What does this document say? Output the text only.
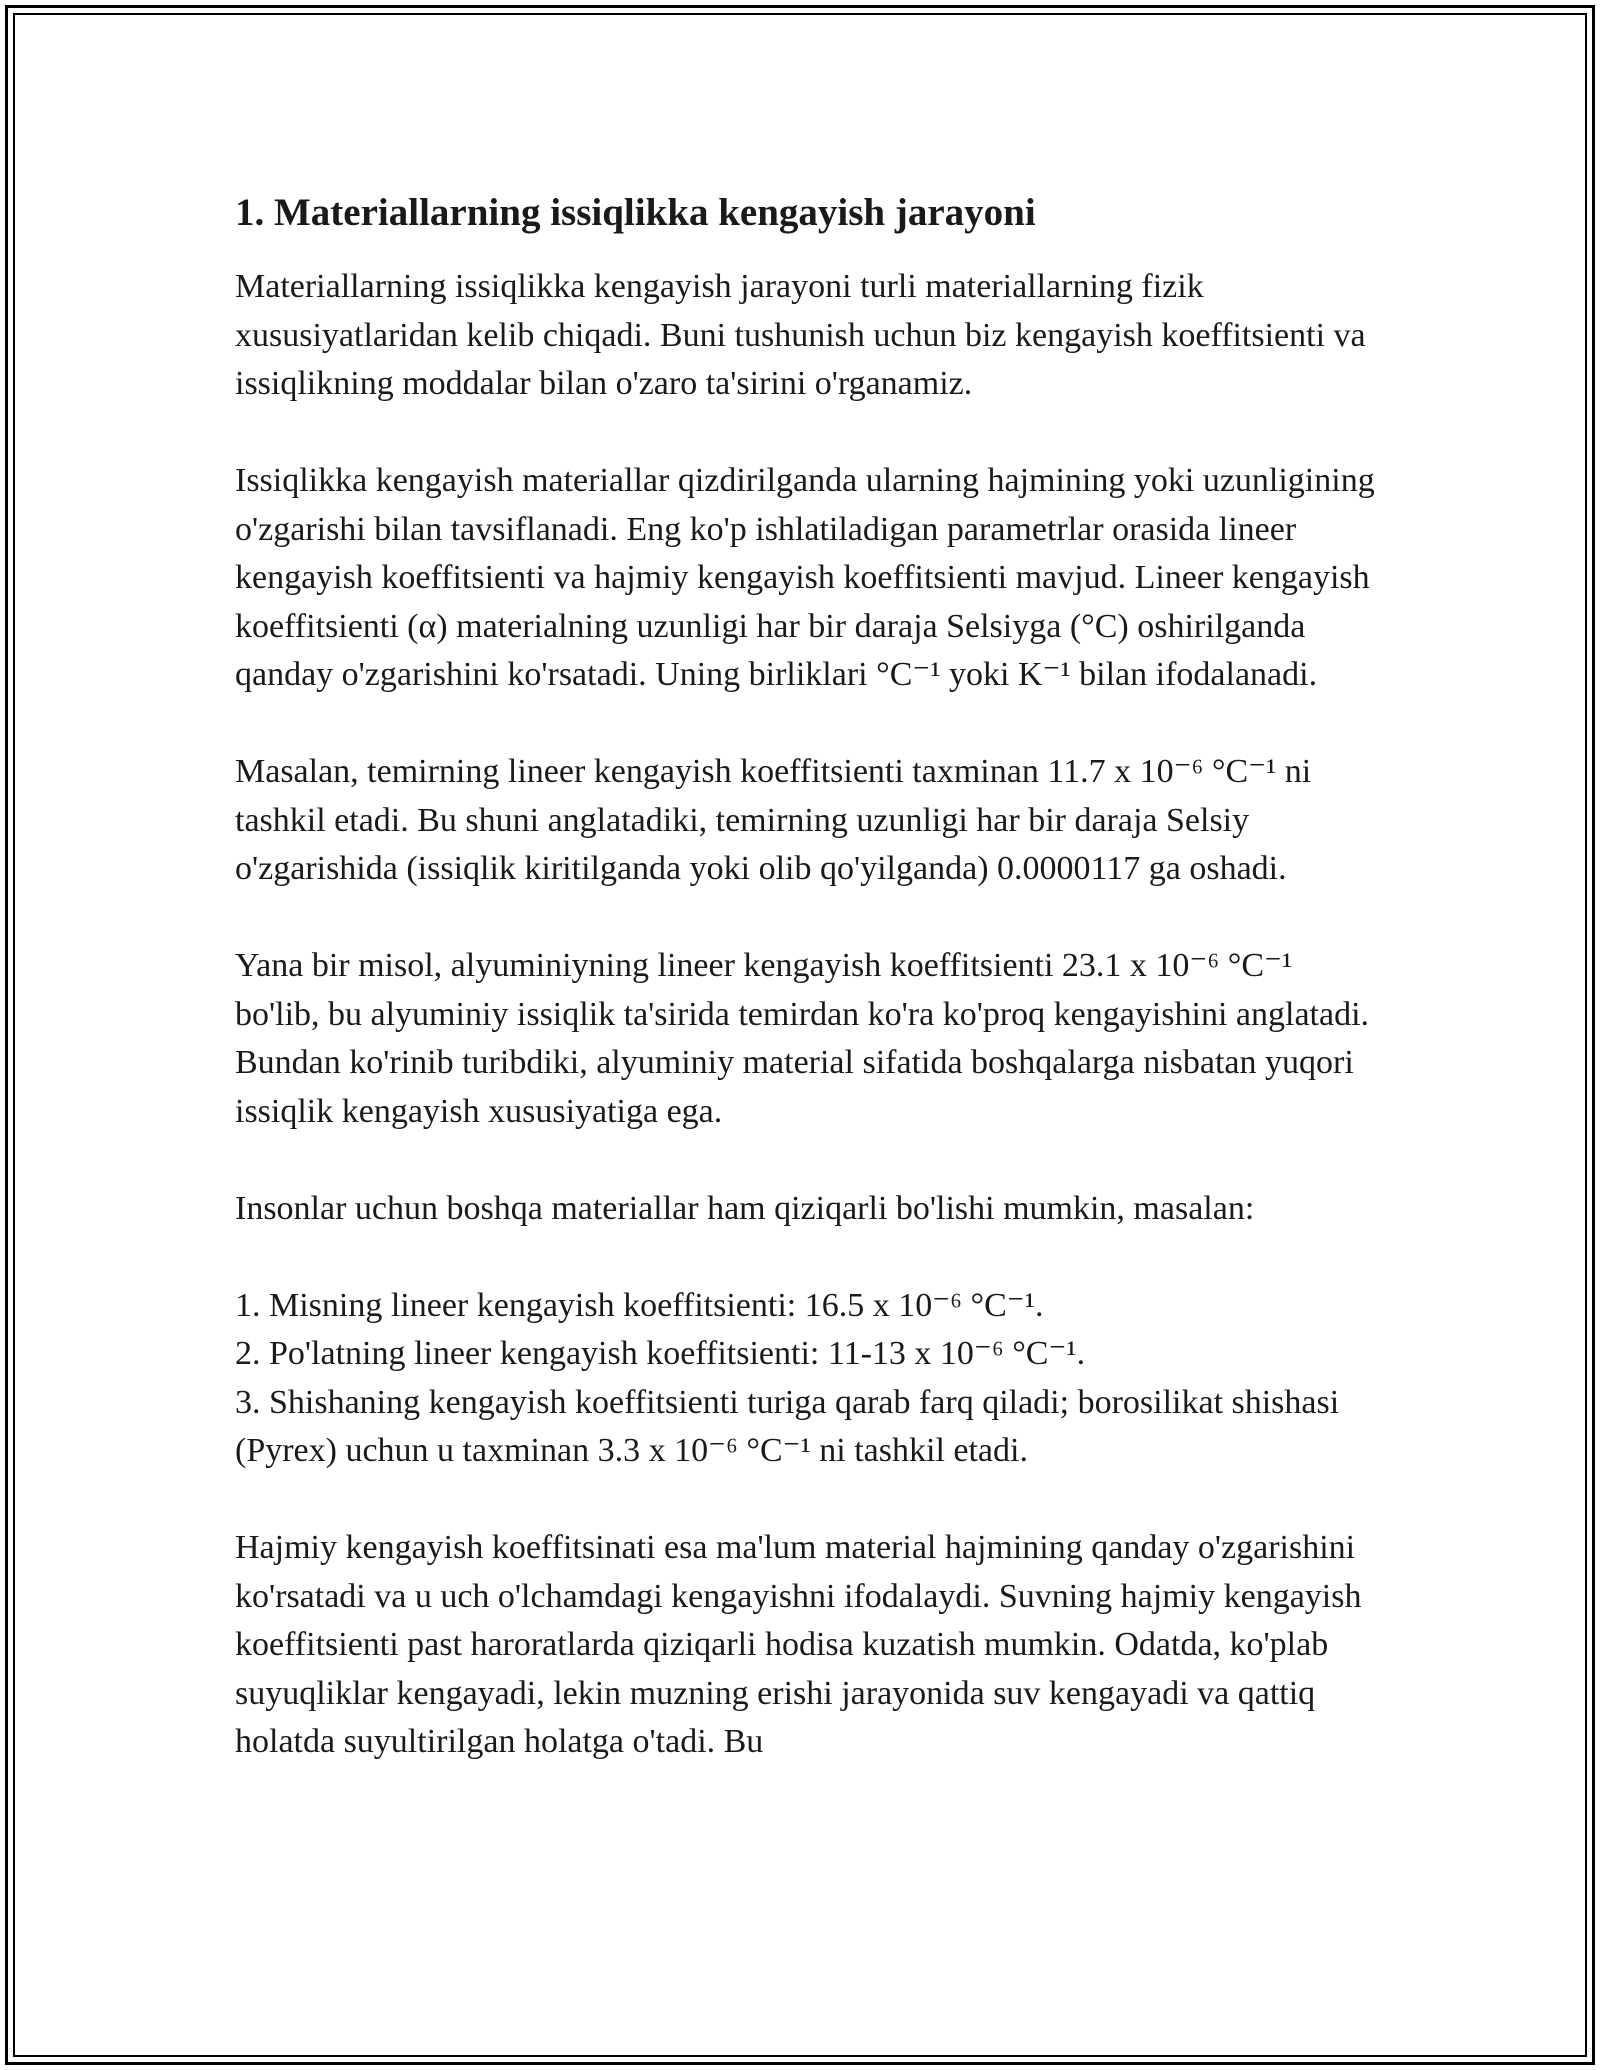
1. Materiallarning issiqlikka kengayish jarayoni

Materiallarning issiqlikka kengayish jarayoni turli materiallarning fizik xususiyatlaridan kelib chiqadi. Buni tushunish uchun biz kengayish koeffitsienti va issiqlikning moddalar bilan o'zaro ta'sirini o'rganamiz.

Issiqlikka kengayish materiallar qizdirilganda ularning hajmining yoki uzunligining o'zgarishi bilan tavsiflanadi. Eng ko'p ishlatiladigan parametrlar orasida lineer kengayish koeffitsienti va hajmiy kengayish koeffitsienti mavjud. Lineer kengayish koeffitsienti (α) materialning uzunligi har bir daraja Selsiyga (°C) oshirilganda qanday o'zgarishini ko'rsatadi. Uning birliklari °C⁻¹ yoki K⁻¹ bilan ifodalanadi.

Masalan, temirning lineer kengayish koeffitsienti taxminan 11.7 x 10⁻⁶ °C⁻¹ ni tashkil etadi. Bu shuni anglatadiki, temirning uzunligi har bir daraja Selsiy o'zgarishida (issiqlik kiritilganda yoki olib qo'yilganda) 0.0000117 ga oshadi.

Yana bir misol, alyuminiyning lineer kengayish koeffitsienti 23.1 x 10⁻⁶ °C⁻¹ bo'lib, bu alyuminiy issiqlik ta'sirida temirdan ko'ra ko'proq kengayishini anglatadi. Bundan ko'rinib turibdiki, alyuminiy material sifatida boshqalarga nisbatan yuqori issiqlik kengayish xususiyatiga ega.

Insonlar uchun boshqa materiallar ham qiziqarli bo'lishi mumkin, masalan:

1. Misning lineer kengayish koeffitsienti: 16.5 x 10⁻⁶ °C⁻¹.
2. Po'latning lineer kengayish koeffitsienti: 11-13 x 10⁻⁶ °C⁻¹.
3. Shishaning kengayish koeffitsienti turiga qarab farq qiladi; borosilikat shishasi (Pyrex) uchun u taxminan 3.3 x 10⁻⁶ °C⁻¹ ni tashkil etadi.

Hajmiy kengayish koeffitsinati esa ma'lum material hajmining qanday o'zgarishini ko'rsatadi va u uch o'lchamdagi kengayishni ifodalaydi. Suvning hajmiy kengayish koeffitsienti past haroratlarda qiziqarli hodisa kuzatish mumkin. Odatda, ko'plab suyuqliklar kengayadi, lekin muzning erishi jarayonida suv kengayadi va qattiq holatda suyultirilgan holatga o'tadi. Bu
